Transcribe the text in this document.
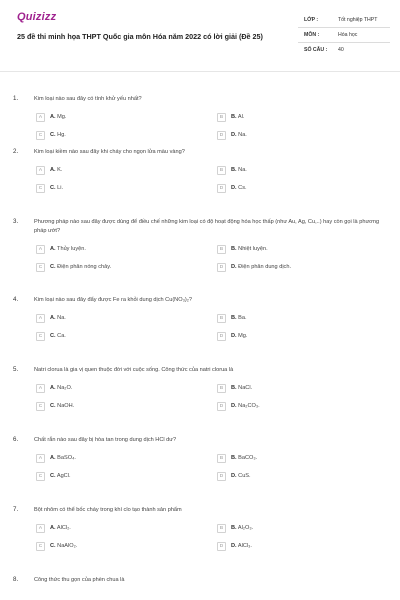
Quizizz
25 đề thi minh họa THPT Quốc gia môn Hóa năm 2022 có lời giải (Đề 25)
LỚP :	Tốt nghiệp THPT
MÔN :	Hóa học
SỐ CÂU : 40
1.	Kim loại nào sau đây có tính khử yếu nhất?
A	A. Mg.	B	B. Al.
C	C. Hg.	D	D. Na.
2.	Kim loại kiềm nào sau đây khi cháy cho ngọn lửa màu vàng?
A	A. K.	B	B. Na.
C	C. Li.	D	D. Cs.
3.	Phương pháp nào sau đây được dùng để điều chế những kim loại có độ hoạt động hóa học thấp (như Au, Ag, Cu,..) hay còn gọi là phương pháp ướt?
A	A. Thủy luyện.	B	B. Nhiệt luyện.
C	C. Điện phân nóng chảy.	D	D. Điện phân dung dịch.
4.	Kim loại nào sau đây đẩy được Fe ra khỏi dung dịch Cu(NO₃)₂?
A	A. Na.	B	B. Ba.
C	C. Ca.	D	D. Mg.
5.	Natri clorua là gia vị quen thuộc đời với cuộc sống. Công thức của natri clorua là
A	A. Na₂O.	B	B. NaCl.
C	C. NaOH.	D	D. Na₂CO₃.
6.	Chất rắn nào sau đây bị hòa tan trong dung dịch HCl dư?
A	A. BaSO₄.	B	B. BaCO₃.
C	C. AgCl.	D	D. CuS.
7.	Bột nhôm có thể bốc cháy trong khí clo tạo thành sản phẩm
A	A. AlCl₂.	B	B. Al₂O₃.
C	C. NaAlO₂.	D	D. AlCl₃.
8.	Công thức thu gọn của phèn chua là
